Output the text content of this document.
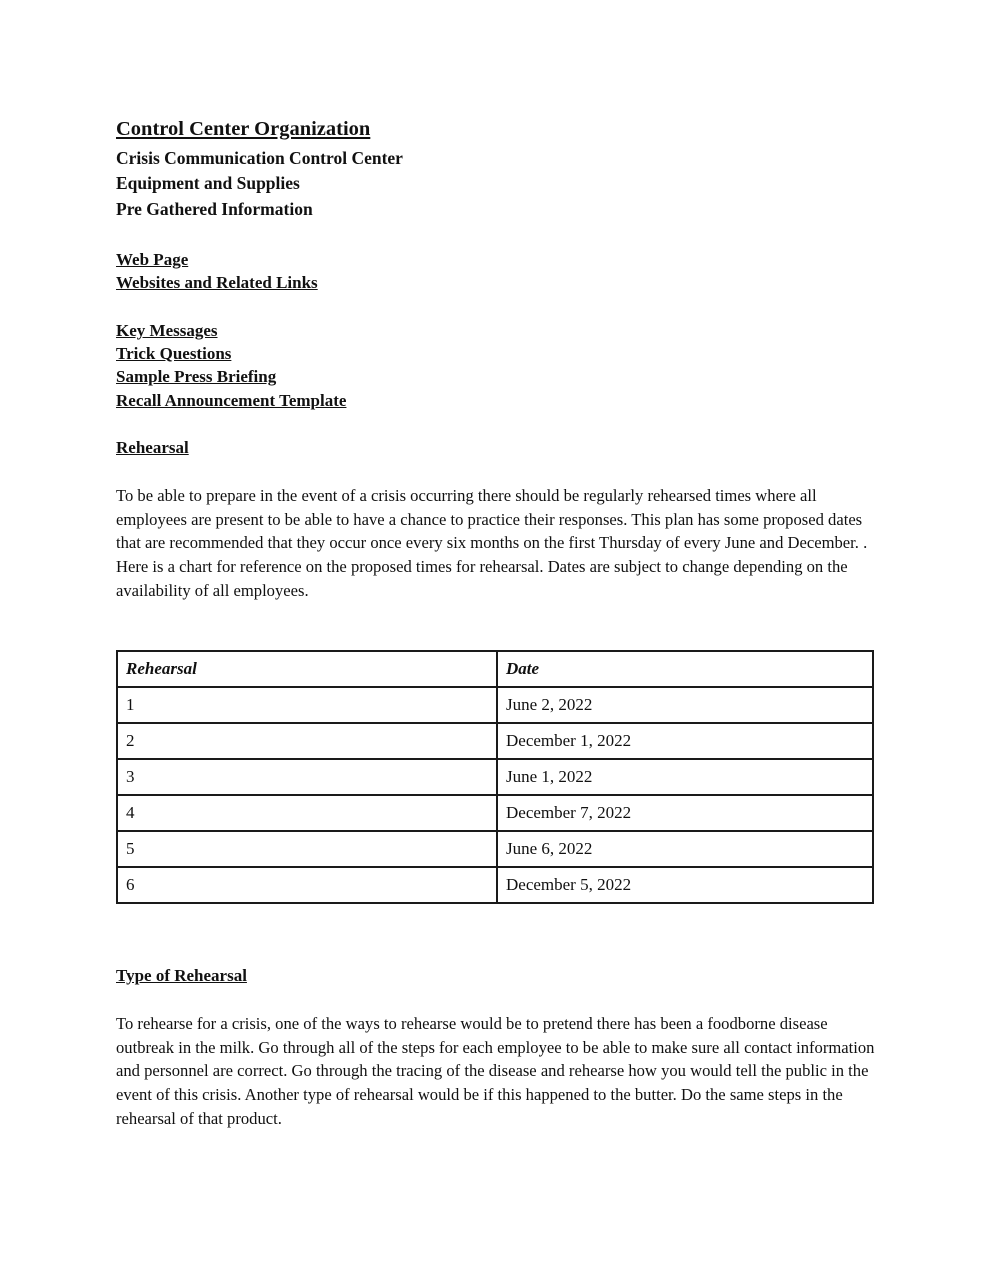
Control Center Organization
Crisis Communication Control Center
Equipment and Supplies
Pre Gathered Information
Web Page
Websites and Related Links
Key Messages
Trick Questions
Sample Press Briefing
Recall Announcement Template
Rehearsal

To be able to prepare in the event of a crisis occurring there should be regularly rehearsed times where all employees are present to be able to have a chance to practice their responses. This plan has some proposed dates that are recommended that they occur once every six months on the first Thursday of every June and December. . Here is a chart for reference on the proposed times for rehearsal. Dates are subject to change depending on the availability of all employees.

Rehearsal	Date
1	June 2, 2022
2	December 1, 2022
3	June 1, 2022
4	December 7, 2022
5	June 6, 2022
6	December 5, 2022
Type of Rehearsal

To rehearse for a crisis, one of the ways to rehearse would be to pretend there has been a foodborne disease outbreak in the milk. Go through all of the steps for each employee to be able to make sure all contact information and personnel are correct. Go through the tracing of the disease and rehearse how you would tell the public in the event of this crisis. Another type of rehearsal would be if this happened to the butter. Do the same steps in the rehearsal of that product.
